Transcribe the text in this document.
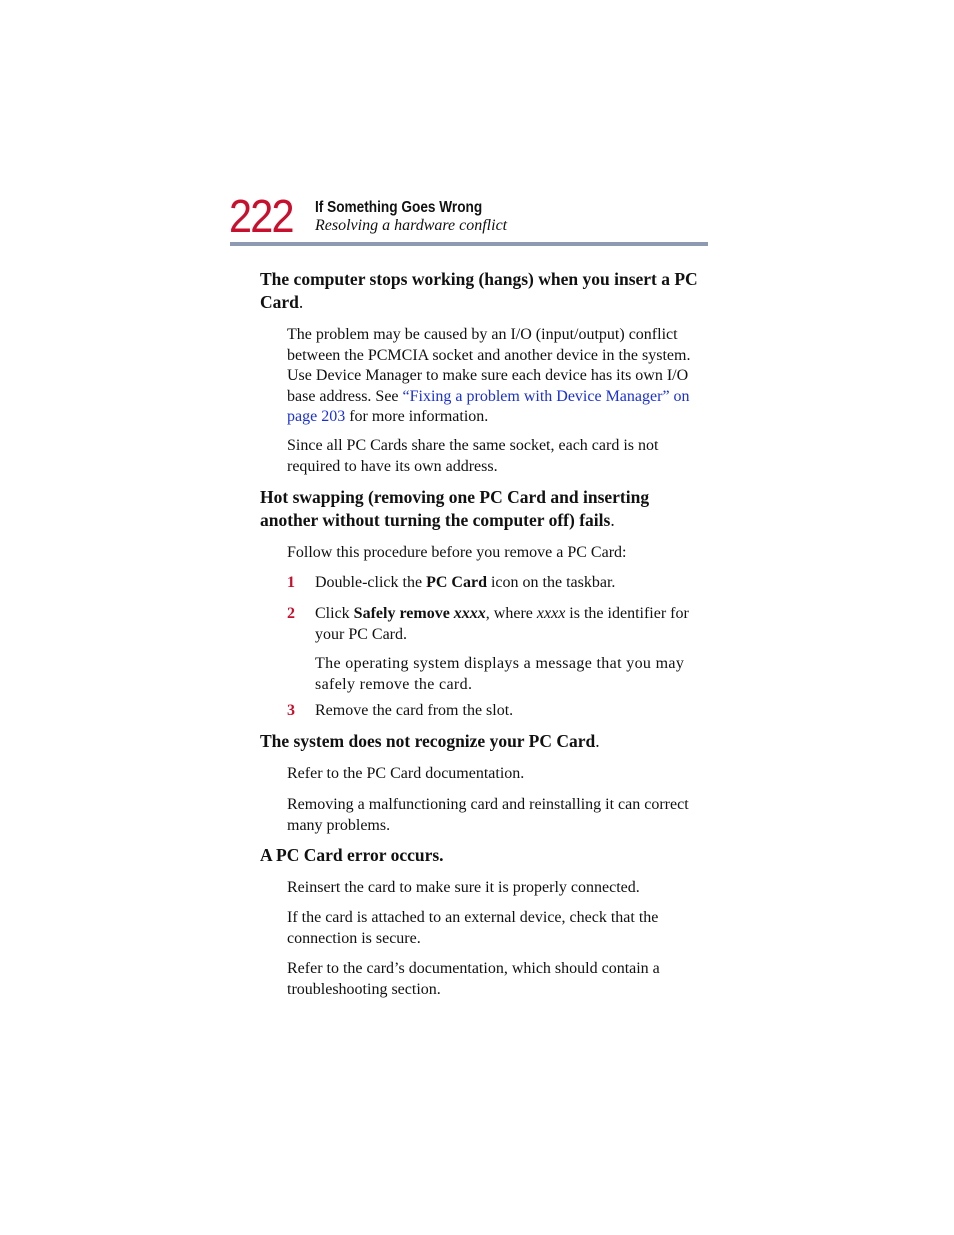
222 If Something Goes Wrong
Resolving a hardware conflict
The computer stops working (hangs) when you insert a PC Card.
The problem may be caused by an I/O (input/output) conflict between the PCMCIA socket and another device in the system. Use Device Manager to make sure each device has its own I/O base address. See “Fixing a problem with Device Manager” on page 203 for more information.
Since all PC Cards share the same socket, each card is not required to have its own address.
Hot swapping (removing one PC Card and inserting another without turning the computer off) fails.
Follow this procedure before you remove a PC Card:
1 Double-click the PC Card icon on the taskbar.
2 Click Safely remove xxxx, where xxxx is the identifier for your PC Card.
The operating system displays a message that you may safely remove the card.
3 Remove the card from the slot.
The system does not recognize your PC Card.
Refer to the PC Card documentation.
Removing a malfunctioning card and reinstalling it can correct many problems.
A PC Card error occurs.
Reinsert the card to make sure it is properly connected.
If the card is attached to an external device, check that the connection is secure.
Refer to the card’s documentation, which should contain a troubleshooting section.
